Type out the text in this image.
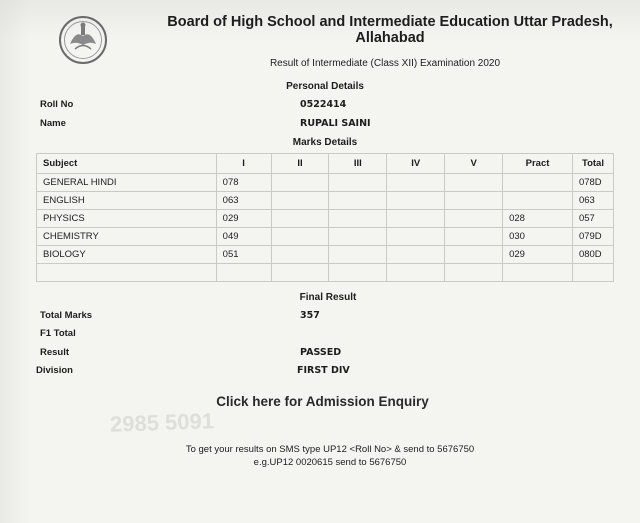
2985 5091
Board of High School and Intermediate Education Uttar Pradesh,
Allahabad
Result of Intermediate (Class XII) Examination 2020
Personal Details
Roll No	0522414
Name	RUPALI SAINI
Marks Details
Subject	I	II	III	IV	V	Pract	Total
GENERAL HINDI	078						078D
ENGLISH	063						063
PHYSICS	029					028	057
CHEMISTRY	049					030	079D
BIOLOGY	051					029	080D

Final Result
Total Marks	357
F1 Total
Result	PASSED
Division	FIRST DIV
Click here for Admission Enquiry
To get your results on SMS type UP12 <Roll No> & send to 5676750
e.g.UP12 0020615 send to 5676750
